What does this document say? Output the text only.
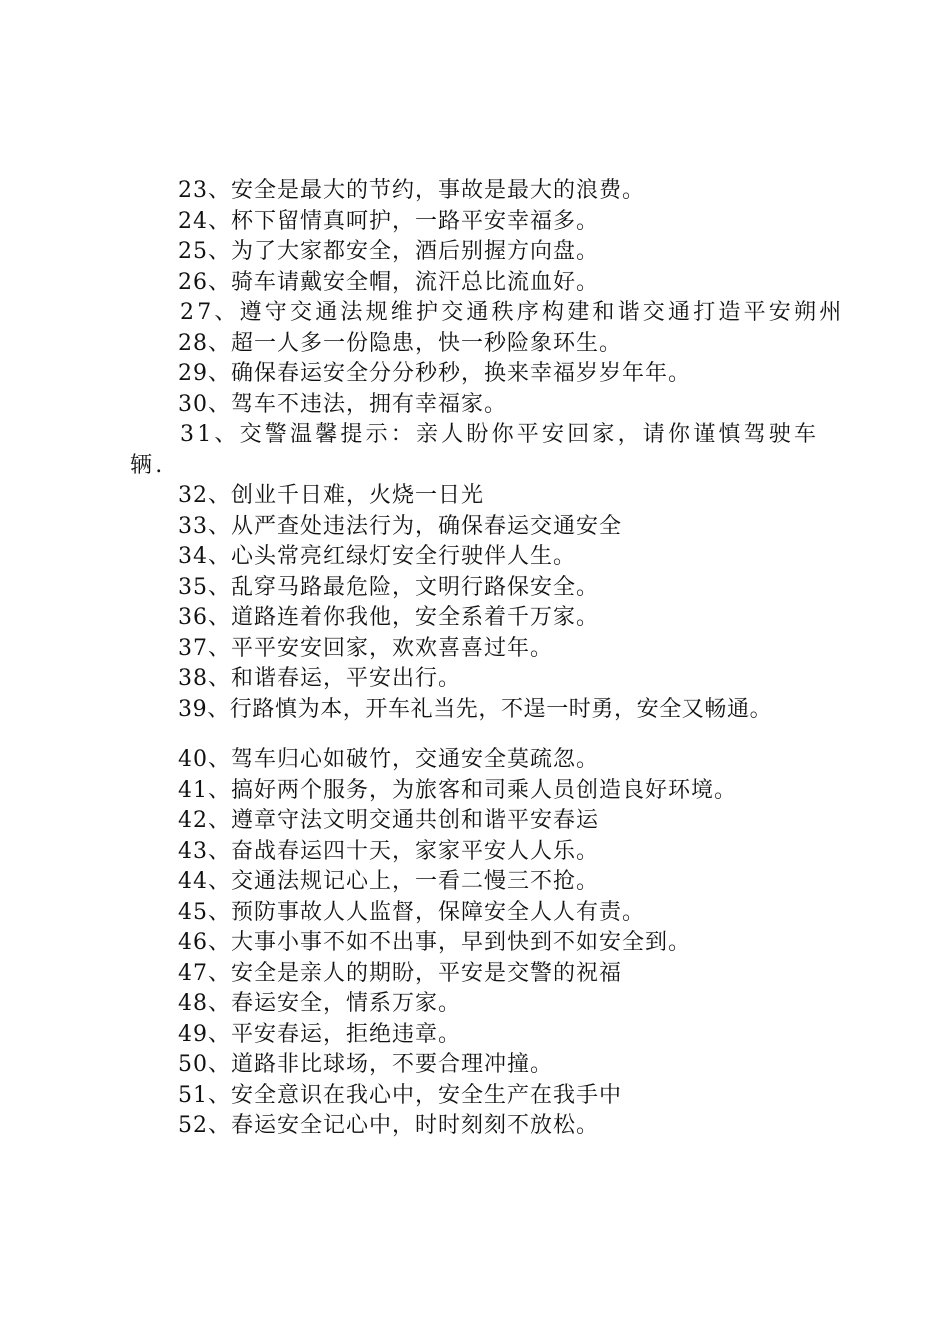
23、安全是最大的节约，事故是最大的浪费。
24、杯下留情真呵护，一路平安幸福多。
25、为了大家都安全，酒后别握方向盘。
26、骑车请戴安全帽，流汗总比流血好。
27、遵守交通法规维护交通秩序构建和谐交通打造平安朔州
28、超一人多一份隐患，快一秒险象环生。
29、确保春运安全分分秒秒，换来幸福岁岁年年。
30、驾车不违法，拥有幸福家。
31、交警温馨提示：亲人盼你平安回家，请你谨慎驾驶车辆.
32、创业千日难，火烧一日光
33、从严查处违法行为，确保春运交通安全
34、心头常亮红绿灯安全行驶伴人生。
35、乱穿马路最危险，文明行路保安全。
36、道路连着你我他，安全系着千万家。
37、平平安安回家，欢欢喜喜过年。
38、和谐春运，平安出行。
39、行路慎为本，开车礼当先，不逞一时勇，安全又畅通。
40、驾车归心如破竹，交通安全莫疏忽。
41、搞好两个服务，为旅客和司乘人员创造良好环境。
42、遵章守法文明交通共创和谐平安春运
43、奋战春运四十天，家家平安人人乐。
44、交通法规记心上，一看二慢三不抢。
45、预防事故人人监督，保障安全人人有责。
46、大事小事不如不出事，早到快到不如安全到。
47、安全是亲人的期盼，平安是交警的祝福
48、春运安全，情系万家。
49、平安春运，拒绝违章。
50、道路非比球场，不要合理冲撞。
51、安全意识在我心中，安全生产在我手中
52、春运安全记心中，时时刻刻不放松。
